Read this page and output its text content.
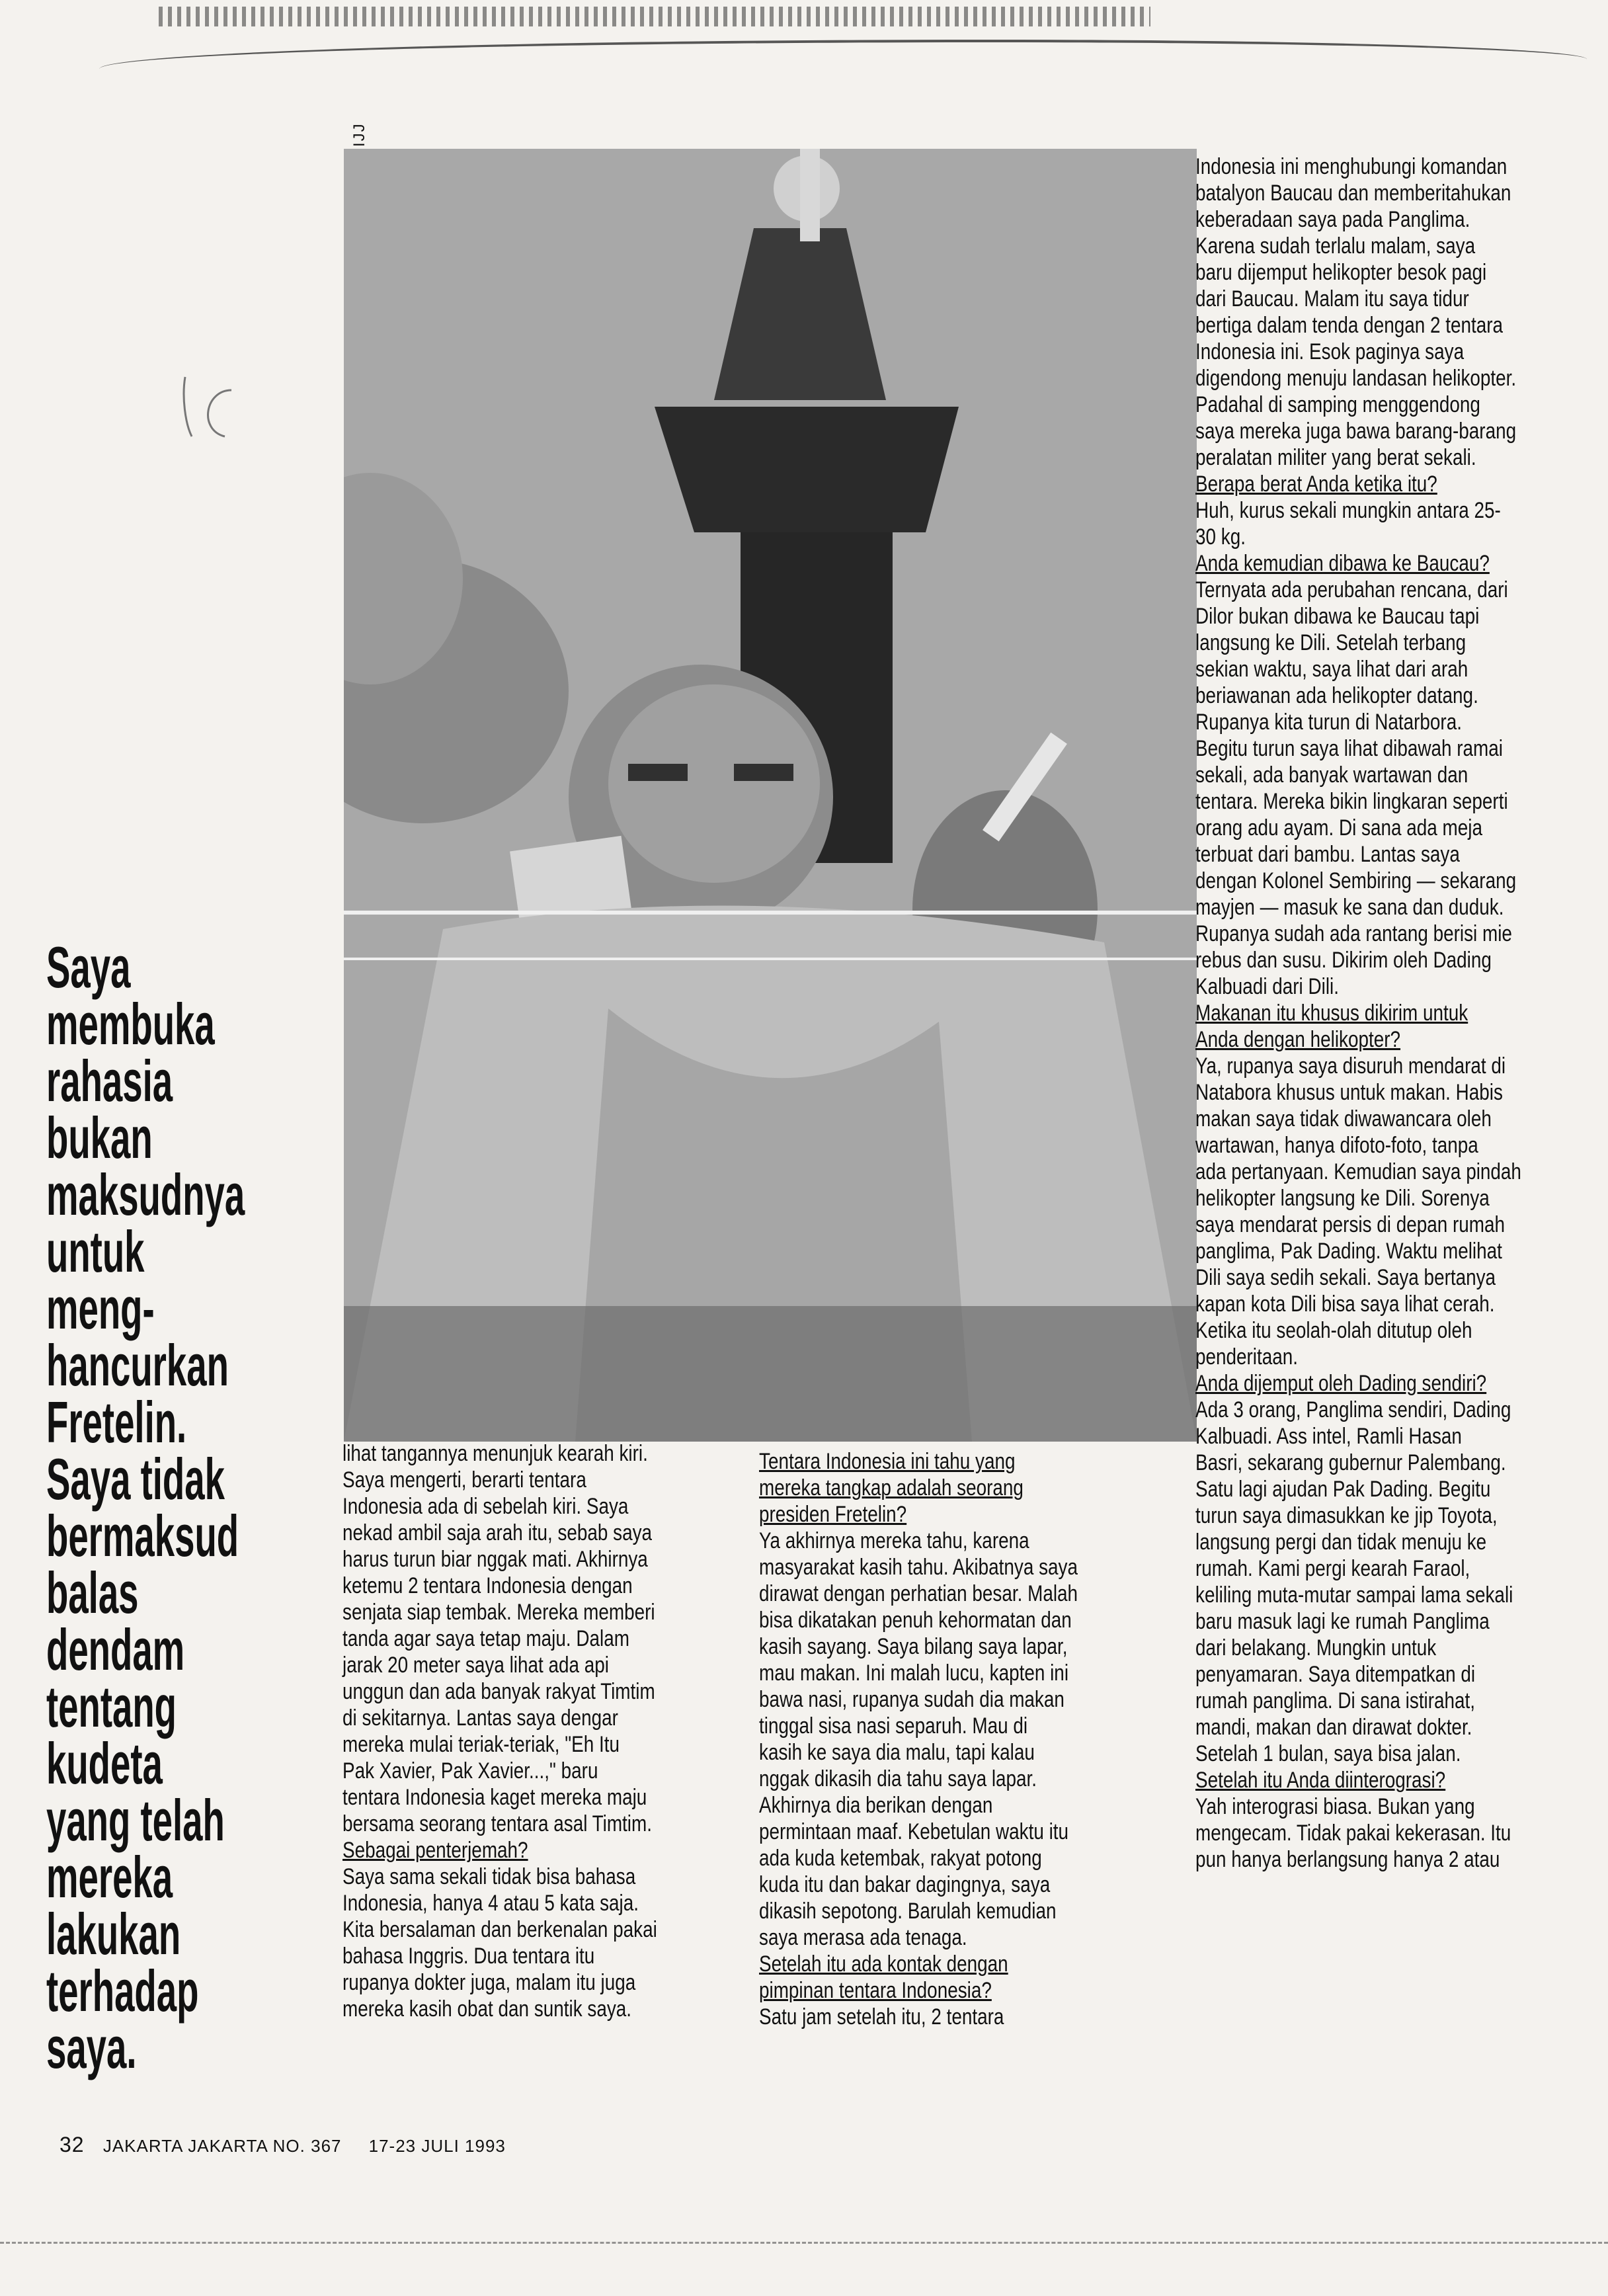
Saya
membuka
rahasia
bukan
maksudnya
untuk
meng-
hancurkan
Fretelin.
Saya tidak
bermaksud
balas
dendam
tentang
kudeta
yang telah
mereka
lakukan
terhadap
saya.

lihat tangannya menunjuk kearah kiri.

Saya mengerti, berarti tentara

Indonesia ada di sebelah kiri. Saya

nekad ambil saja arah itu, sebab saya

harus turun biar nggak mati. Akhirnya

ketemu 2 tentara Indonesia dengan

senjata siap tembak. Mereka memberi

tanda agar saya tetap maju. Dalam

jarak 20 meter saya lihat ada api

unggun dan ada banyak rakyat Timtim

di sekitarnya. Lantas saya dengar

mereka mulai teriak-teriak, "Eh Itu

Pak Xavier, Pak Xavier...," baru

tentara Indonesia kaget mereka maju

bersama seorang tentara asal Timtim.

Sebagai penterjemah?

Saya sama sekali tidak bisa bahasa

Indonesia, hanya 4 atau 5 kata saja.

Kita bersalaman dan berkenalan pakai

bahasa Inggris. Dua tentara itu

rupanya dokter juga, malam itu juga

mereka kasih obat dan suntik saya.

Tentara Indonesia ini tahu yang

mereka tangkap adalah seorang

presiden Fretelin?

Ya akhirnya mereka tahu, karena

masyarakat kasih tahu. Akibatnya saya

dirawat dengan perhatian besar. Malah

bisa dikatakan penuh kehormatan dan

kasih sayang. Saya bilang saya lapar,

mau makan. Ini malah lucu, kapten ini

bawa nasi, rupanya sudah dia makan

tinggal sisa nasi separuh. Mau di

kasih ke saya dia malu, tapi kalau

nggak dikasih dia tahu saya lapar.

Akhirnya dia berikan dengan

permintaan maaf. Kebetulan waktu itu

ada kuda ketembak, rakyat potong

kuda itu dan bakar dagingnya, saya

dikasih sepotong. Barulah kemudian

saya merasa ada tenaga.

Setelah itu ada kontak dengan

pimpinan tentara Indonesia?

Satu jam setelah itu, 2 tentara

Indonesia ini menghubungi komandan

batalyon Baucau dan memberitahukan

keberadaan saya pada Panglima.

Karena sudah terlalu malam, saya

baru dijemput helikopter besok pagi

dari Baucau. Malam itu saya tidur

bertiga dalam tenda dengan 2 tentara

Indonesia ini. Esok paginya saya

digendong menuju landasan helikopter.

Padahal di samping menggendong

saya mereka juga bawa barang-barang

peralatan militer yang berat sekali.

Berapa berat Anda ketika itu?

Huh, kurus sekali mungkin antara 25-

30 kg.

Anda kemudian dibawa ke Baucau?

Ternyata ada perubahan rencana, dari

Dilor bukan dibawa ke Baucau tapi

langsung ke Dili. Setelah terbang

sekian waktu, saya lihat dari arah

beriawanan ada helikopter datang.

Rupanya kita turun di Natarbora.

Begitu turun saya lihat dibawah ramai

sekali, ada banyak wartawan dan

tentara. Mereka bikin lingkaran seperti

orang adu ayam. Di sana ada meja

terbuat dari bambu. Lantas saya

dengan Kolonel Sembiring — sekarang

mayjen — masuk ke sana dan duduk.

Rupanya sudah ada rantang berisi mie

rebus dan susu. Dikirim oleh Dading

Kalbuadi dari Dili.

Makanan itu khusus dikirim untuk

Anda dengan helikopter?

Ya, rupanya saya disuruh mendarat di

Natabora khusus untuk makan. Habis

makan saya tidak diwawancara oleh

wartawan, hanya difoto-foto, tanpa

ada pertanyaan. Kemudian saya pindah

helikopter langsung ke Dili. Sorenya

saya mendarat persis di depan rumah

panglima, Pak Dading. Waktu melihat

Dili saya sedih sekali. Saya bertanya

kapan kota Dili bisa saya lihat cerah.

Ketika itu seolah-olah ditutup oleh

penderitaan.

Anda dijemput oleh Dading sendiri?

Ada 3 orang, Panglima sendiri, Dading

Kalbuadi. Ass intel, Ramli Hasan

Basri, sekarang gubernur Palembang.

Satu lagi ajudan Pak Dading. Begitu

turun saya dimasukkan ke jip Toyota,

langsung pergi dan tidak menuju ke

rumah. Kami pergi kearah Faraol,

keliling muta-mutar sampai lama sekali

baru masuk lagi ke rumah Panglima

dari belakang. Mungkin untuk

penyamaran. Saya ditempatkan di

rumah panglima. Di sana istirahat,

mandi, makan dan dirawat dokter.

Setelah 1 bulan, saya bisa jalan.

Setelah itu Anda diinterograsi?

Yah interograsi biasa. Bukan yang

mengecam. Tidak pakai kekerasan. Itu

pun hanya berlangsung hanya 2 atau

32 JAKARTA JAKARTA NO. 367 17-23 JULI 1993
